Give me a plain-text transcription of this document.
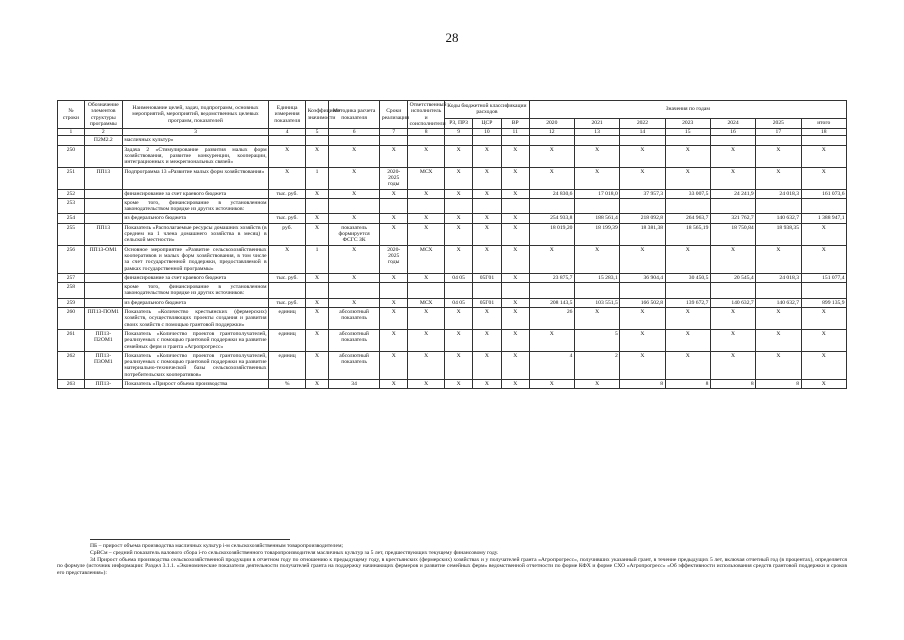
28
№ строки	Обозначение элементов структуры программы	Наименование целей, задач, подпрограмм, основных мероприятий, мероприятий, ведомственных целевых программ, показателей	Единица измерения показателя	Коэффициент значимости	Методика расчета показателя	Сроки реализации	Ответственный исполнитель и соисполнители	Коды бюджетной классификации расходов			Значения по годам						
								РЗ, ПРЗ	ЦСР	ВР	2020	2021	2022	2023	2024	2025	итого
1	2	3	4	5	6	7	8	9	10	11	12	13	14	15	16	17	18
	П2М2.2	масличных культур»															
250		Задача 2 «Стимулирование развития малых форм хозяйствования, развитие конкуренции, кооперации, интеграционных и межрегиональных связей»	Х	Х	Х	Х	Х	Х	Х	Х	Х	Х	Х	Х	Х	Х	Х
251	ПП13	Подпрограмма 13 «Развитие малых форм хозяйствования»	Х	1	Х	2020-2025 годы	МСХ	Х	Х	Х	Х	Х	Х	Х	Х	Х	Х
252		финансирование за счет краевого бюджета	тыс. руб.	Х	Х	Х	Х	Х	Х	Х	24 830,6	17 018,0	37 957,3	33 007,5	24 241,9	24 018,3	161 073,6
253		кроме того, финансирование в установленном законодательством порядке из других источников:															
254		из федерального бюджета	тыс. руб.	Х	Х	Х	Х	Х	Х	Х	254 933,8	188 561,4	218 092,8	264 963,7	321 762,7	140 632,7	1 388 947,1
255	ПП13	Показатель «Располагаемые ресурсы домашних хозяйств (в среднем на 1 члена домашнего хозяйства в месяц) в сельской местности»	руб.	Х	показатель формируется ФСГС ЗК	Х	Х	Х	Х	Х	18 019,20	18 199,39	18 381,38	18 565,19	18 750,84	18 938,35	Х
256	ПП13-ОМ1	Основное мероприятие «Развитие сельскохозяйственных кооперативов и малых форм хозяйствования, в том числе за счет государственной поддержки, предоставляемой в рамках государственной программы»	Х	1	Х	2020-2025 годы	МСХ	Х	Х	Х	Х	Х	Х	Х	Х	Х	Х
257		финансирование за счет краевого бюджета	тыс. руб.	Х	Х	Х	Х	04 05	05Г01	Х	23 875,7	15 283,1	36 904,4	30 450,5	20 545,4	24 018,3	151 077,4
258		кроме того, финансирование в установленном законодательством порядке из других источников:															
259		из федерального бюджета	тыс. руб.	Х	Х	Х	МСХ	04 05	05Г01	Х	208 143,5	103 551,5	166 502,8	139 672,7	140 632,7	140 632,7	899 135,9
260	ПП13-ПОМ1	Показатель «Количество крестьянских (фермерских) хозяйств, осуществляющих проекты создания и развития своих хозяйств с помощью грантовой поддержки»	единиц	Х	абсолютный показатель	Х	Х	Х	Х	Х	26	Х	Х	Х	Х	Х	Х
261	ПП13-П2ОМ1	Показатель «Количество проектов грантополучателей, реализуемых с помощью грантовой поддержки на развитие семейных ферм и гранта «Агропрогресс»	единиц	Х	абсолютный показатель	Х	Х	Х	Х	Х	Х	5	Х	Х	Х	Х	Х
262	ПП13-П3ОМ1	Показатель «Количество проектов грантополучателей, реализуемых с помощью грантовой поддержки на развитие материально-технической базы сельскохозяйственных потребительских кооперативов»	единиц	Х	абсолютный показатель	Х	Х	Х	Х	Х	4	2	Х	Х	Х	Х	Х
263	ПП13-	Показатель «Прирост объема производства	%	Х	34	Х	Х	Х	Х	Х	Х	Х	8	8	8	8	Х

ПБ – прирост объема производства масличных культур i-м сельскохозяйственным товаропроизводителем;

СрВСм – средний показатель валового сбора i-го сельскохозяйственного товаропроизводителя масличных культур за 5 лет, предшествующих текущему финансовому году.

34 Прирост объема производства сельскохозяйственной продукции в отчетном году по отношению к предыдущему году, в крестьянских (фермерских) хозяйствах и у получателей гранта «Агропрогресс», получивших указанный грант, в течение предыдущих 5 лет, включая отчетный год (в процентах), определяется по формуле (источник информации: Раздел 3.1.1. «Экономические показатели деятельности получателей гранта на поддержку начинающих фермеров и развитие семейных ферм» ведомственной отчетности по форме КФХ и форме СХО «Агропрогресс» «Об эффективности использования средств грантовой поддержки и сроков его представления»):
